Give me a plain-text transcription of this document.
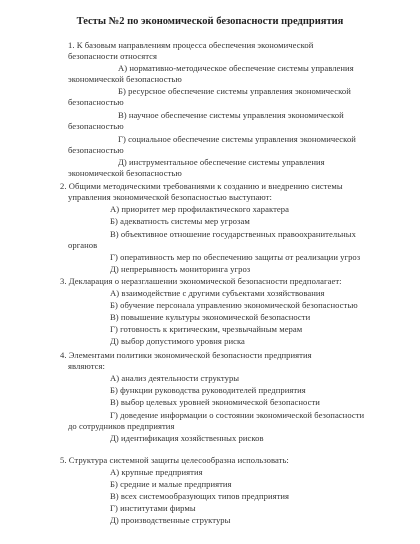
Тесты №2 по экономической безопасности предприятия
1. К базовым направлениям процесса обеспечения экономической
безопасности относятся
А) нормативно-методическое обеспечение системы управления
экономической безопасностью
Б) ресурсное обеспечение системы управления экономической
безопасностью
В) научное обеспечение системы управления экономической
безопасностью
Г) социальное обеспечение системы управления экономической
безопасностью
Д) инструментальное обеспечение системы управления
экономической безопасностью
2. Общими методическими требованиями к созданию и внедрению системы
управления экономической безопасностью выступают:
А) приоритет мер профилактического характера
Б) адекватность системы мер угрозам
В) объективное отношение государственных правоохранительных
органов
Г) оперативность мер по обеспечению защиты от реализации угроз
Д) непрерывность мониторинга угроз
3. Декларация о неразглашении экономической безопасности предполагает:
А) взаимодействие с другими субъектами хозяйствования
Б) обучение персонала управлению экономической безопасностью
В) повышение культуры экономической безопасности
Г) готовность к критическим, чрезвычайным мерам
Д) выбор допустимого уровня риска
4. Элементами политики экономической безопасности предприятия
являются:
А) анализ деятельности структуры
Б) функции руководства руководителей предприятия
В) выбор целевых уровней экономической безопасности
Г) доведение информации о состоянии экономической безопасности
до сотрудников предприятия
Д) идентификация хозяйственных рисков
5. Структура системной защиты целесообразна использовать:
А) крупные предприятия
Б) средние и малые предприятия
В) всех системообразующих типов предприятия
Г) институтами фирмы
Д) производственные структуры
